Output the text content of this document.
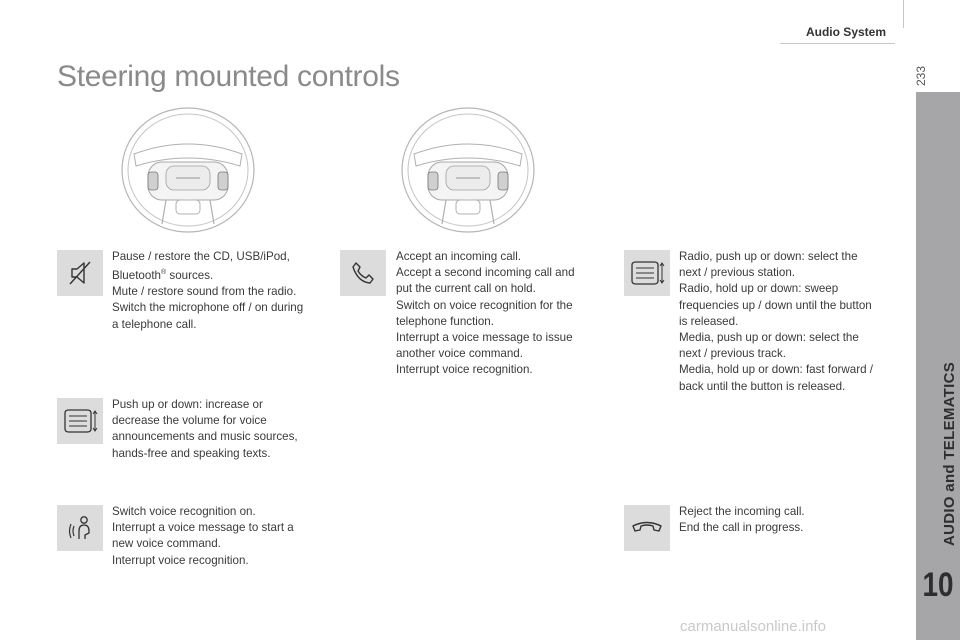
Audio System
233
AUDIO and TELEMATICS
10
Steering mounted controls
Pause / restore the CD, USB/iPod,
Bluetooth® sources.
Mute / restore sound from the radio.
Switch the microphone off / on during
a telephone call.
Accept an incoming call.
Accept a second incoming call and
put the current call on hold.
Switch on voice recognition for the
telephone function.
Interrupt a voice message to issue
another voice command.
Interrupt voice recognition.
Radio, push up or down: select the
next / previous station.
Radio, hold up or down: sweep
frequencies up / down until the button
is released.
Media, push up or down: select the
next / previous track.
Media, hold up or down: fast forward /
back until the button is released.
Push up or down: increase or
decrease the volume for voice
announcements and music sources,
hands-free and speaking texts.
Switch voice recognition on.
Interrupt a voice message to start a
new voice command.
Interrupt voice recognition.
Reject the incoming call.
End the call in progress.
carmanualsonline.info
